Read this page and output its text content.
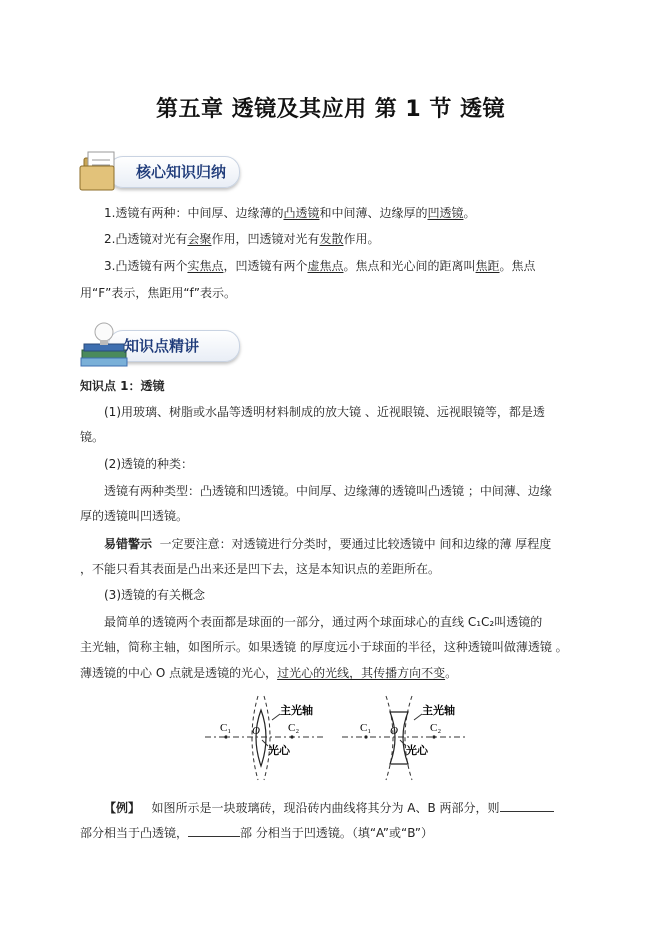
第五章 透镜及其应用 第 1 节 透镜
核心知识归纳
1.透镜有两种：中间厚、边缘薄的凸透镜和中间薄、边缘厚的凹透镜。
2.凸透镜对光有会聚作用，凹透镜对光有发散作用。
3.凸透镜有两个实焦点，凹透镜有两个虚焦点。焦点和光心间的距离叫焦距。焦点
用“F”表示，焦距用“f”表示。
知识点精讲
知识点 1：透镜
(1)用玻璃、树脂或水晶等透明材料制成的放大镜 、近视眼镜、远视眼镜等，都是透
镜。
(2)透镜的种类：
透镜有两种类型：凸透镜和凹透镜。中间厚、边缘薄的透镜叫凸透镜 ；中间薄、边缘
厚的透镜叫凹透镜。
易错警示 一定要注意：对透镜进行分类时，要通过比较透镜中 间和边缘的薄 厚程度
，不能只看其表面是凸出来还是凹下去，这是本知识点的差距所在。
(3)透镜的有关概念
最简单的透镜两个表面都是球面的一部分，通过两个球面球心的直线 C₁C₂叫透镜的
主光轴，简称主轴，如图所示。如果透镜 的厚度远小于球面的半径，这种透镜叫做薄透镜 。
薄透镜的中心 O 点就是透镜的光心，过光心的光线，其传播方向不变。
C₁	C₂
O
主光轴
光心
C₁	C₂
O
主光轴
光心
【例】 如图所示是一块玻璃砖，现沿砖内曲线将其分为 A、B 两部分，则
部分相当于凸透镜，	部 分相当于凹透镜。（填“A”或“B”）
